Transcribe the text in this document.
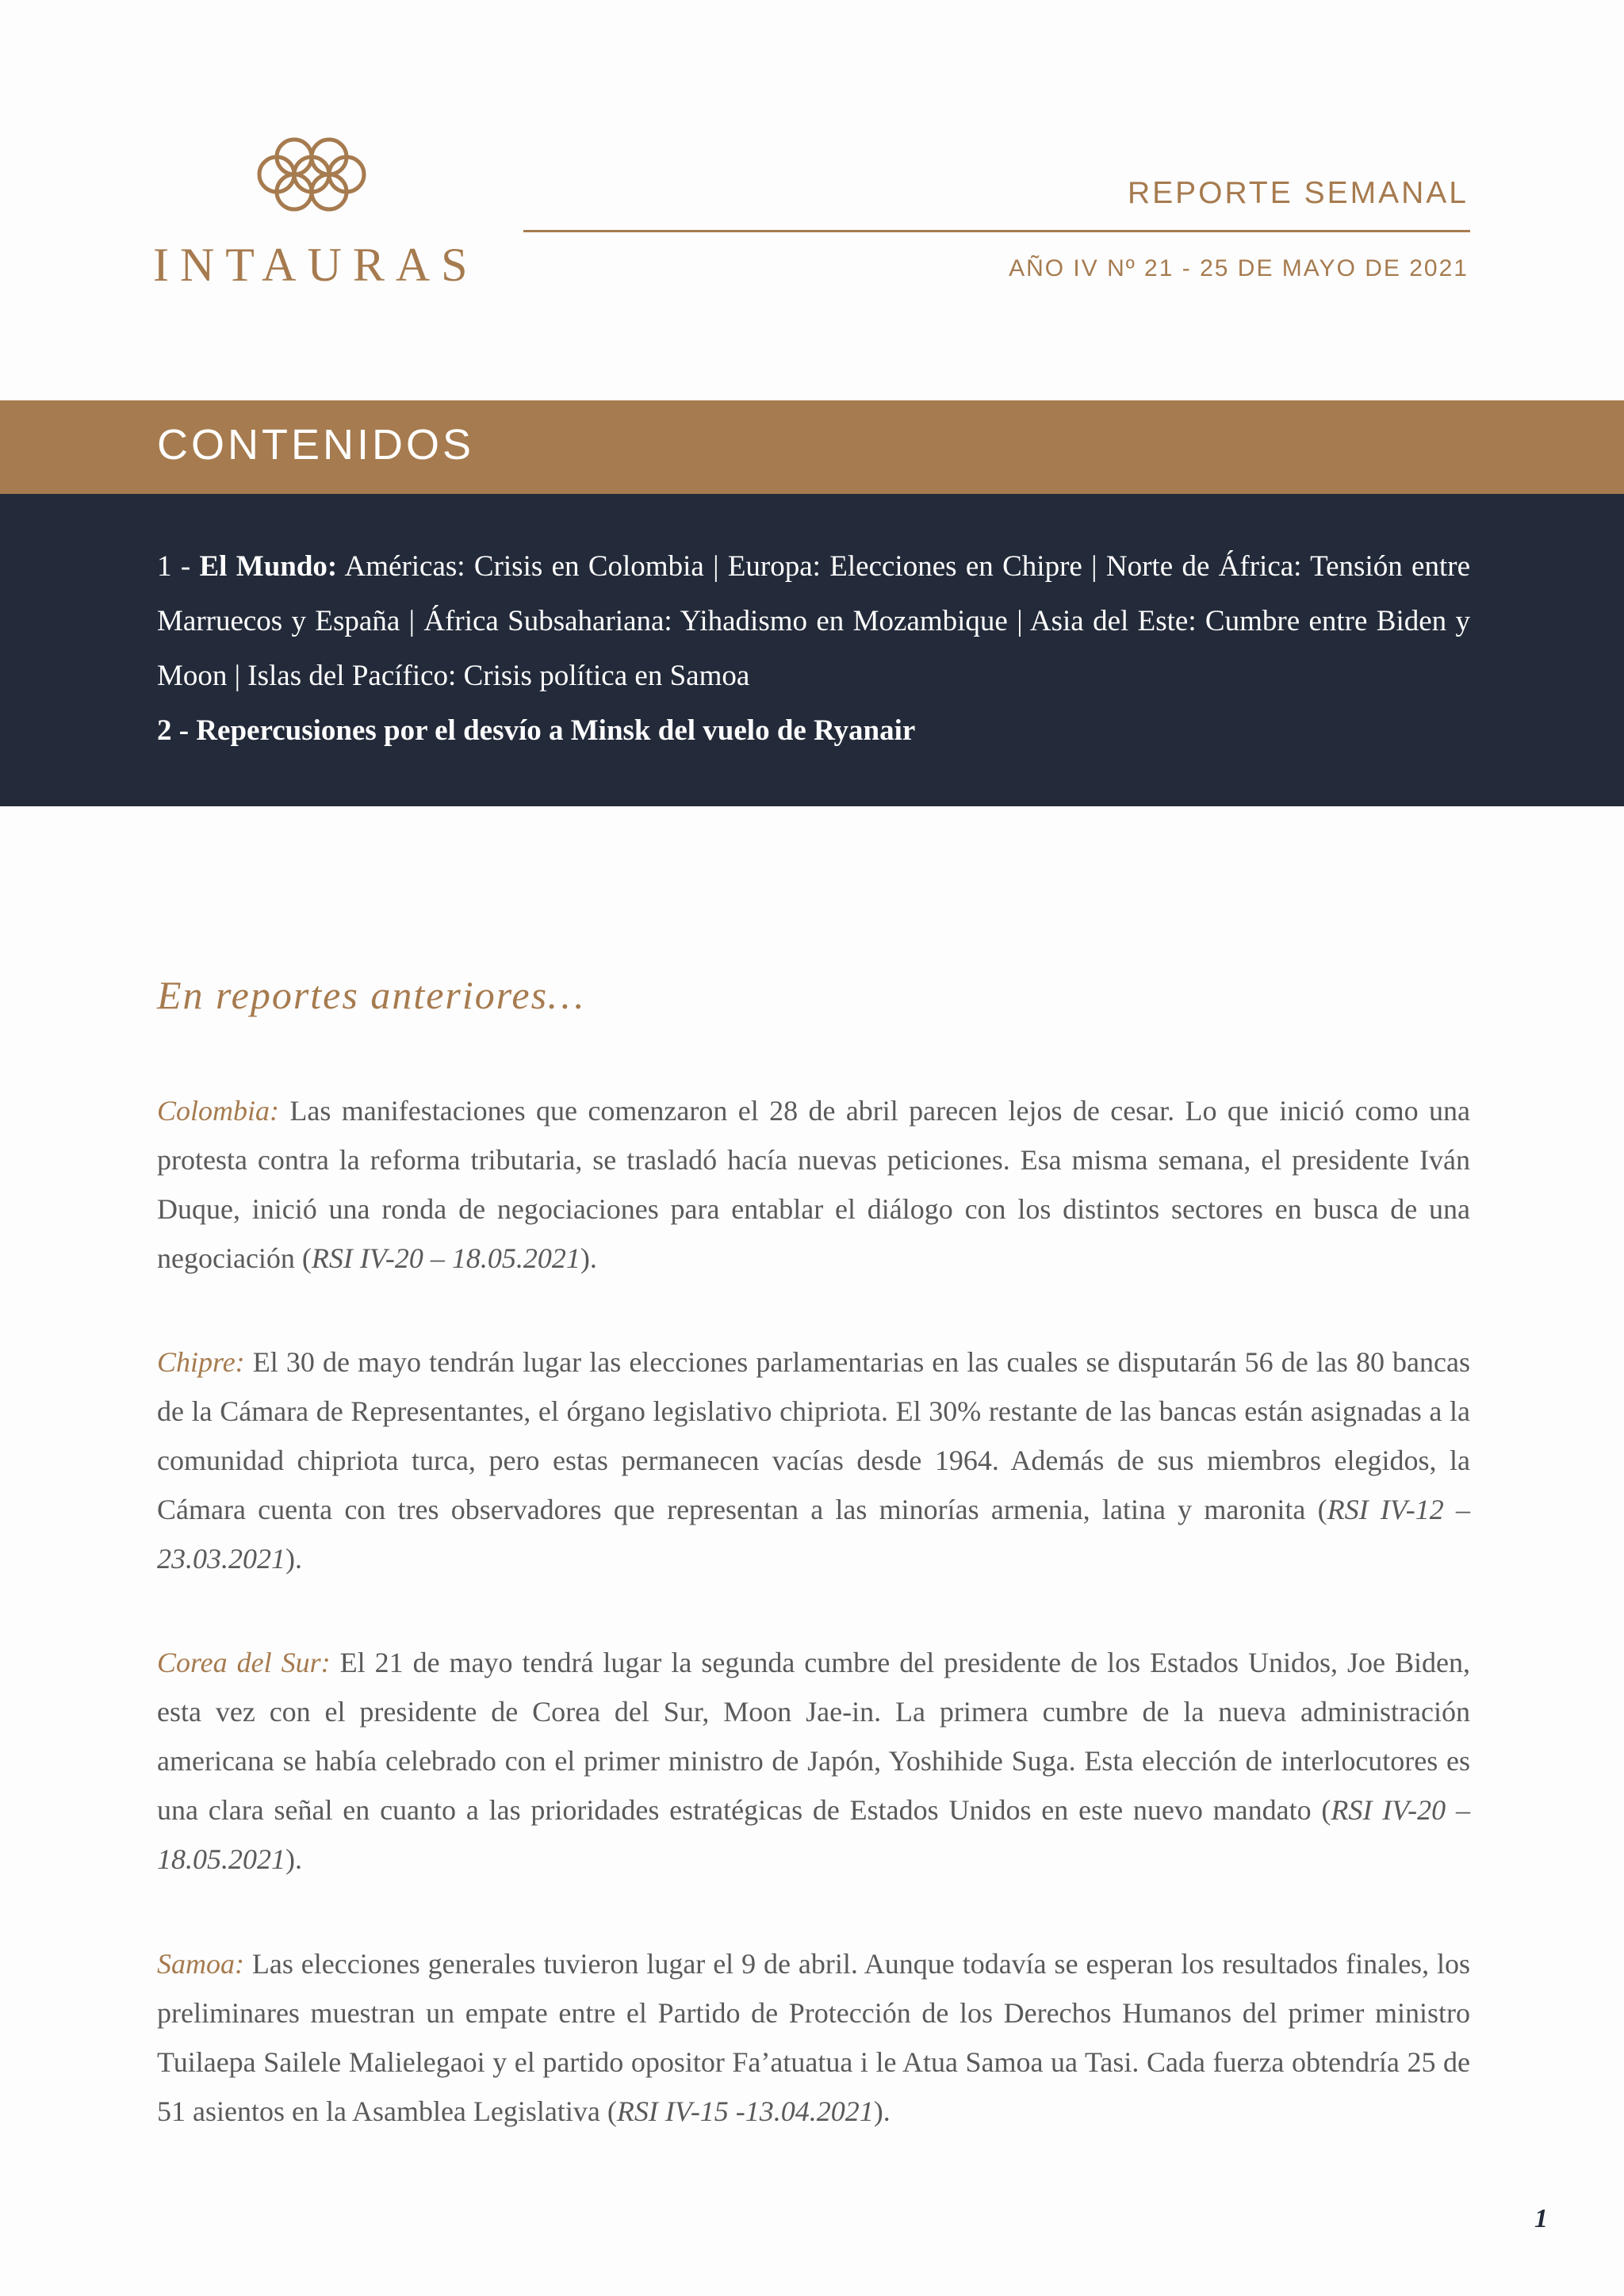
INTAURAS
REPORTE SEMANAL
AÑO IV Nº 21 - 25 DE MAYO DE 2021
CONTENIDOS
1 - El Mundo: Américas: Crisis en Colombia | Europa: Elecciones en Chipre | Norte de África: Tensión entre Marruecos y España | África Subsahariana: Yihadismo en Mozambique | Asia del Este: Cumbre entre Biden y Moon | Islas del Pacífico: Crisis política en Samoa
2 - Repercusiones por el desvío a Minsk del vuelo de Ryanair
En reportes anteriores…

Colombia: Las manifestaciones que comenzaron el 28 de abril parecen lejos de cesar. Lo que inició como una protesta contra la reforma tributaria, se trasladó hacía nuevas peticiones. Esa misma semana, el presidente Iván Duque, inició una ronda de negociaciones para entablar el diálogo con los distintos sectores en busca de una negociación (RSI IV-20 – 18.05.2021).

Chipre: El 30 de mayo tendrán lugar las elecciones parlamentarias en las cuales se disputarán 56 de las 80 bancas de la Cámara de Representantes, el órgano legislativo chipriota. El 30% restante de las bancas están asignadas a la comunidad chipriota turca, pero estas permanecen vacías desde 1964. Además de sus miembros elegidos, la Cámara cuenta con tres observadores que representan a las minorías armenia, latina y maronita (RSI IV-12 – 23.03.2021).

Corea del Sur: El 21 de mayo tendrá lugar la segunda cumbre del presidente de los Estados Unidos, Joe Biden, esta vez con el presidente de Corea del Sur, Moon Jae-in. La primera cumbre de la nueva administración americana se había celebrado con el primer ministro de Japón, Yoshihide Suga. Esta elección de interlocutores es una clara señal en cuanto a las prioridades estratégicas de Estados Unidos en este nuevo mandato (RSI IV-20 – 18.05.2021).

Samoa: Las elecciones generales tuvieron lugar el 9 de abril. Aunque todavía se esperan los resultados finales, los preliminares muestran un empate entre el Partido de Protección de los Derechos Humanos del primer ministro Tuilaepa Sailele Malielegaoi y el partido opositor Fa’atuatua i le Atua Samoa ua Tasi. Cada fuerza obtendría 25 de 51 asientos en la Asamblea Legislativa (RSI IV-15 -13.04.2021).

1
